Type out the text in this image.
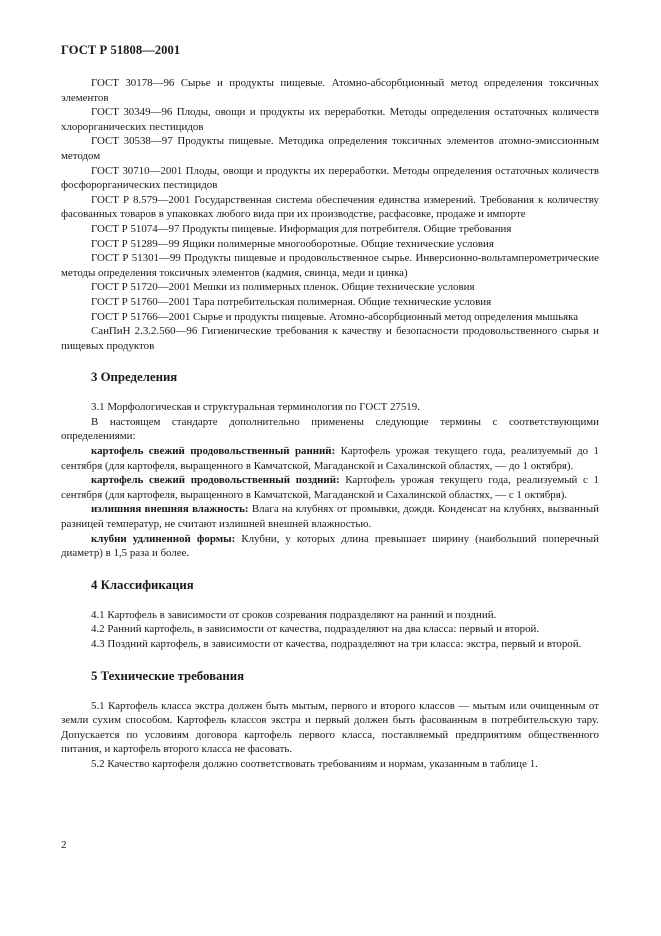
ГОСТ Р 51808—2001

ГОСТ 30178—96 Сырье и продукты пищевые. Атомно-абсорбционный метод определения токсичных элементов

ГОСТ 30349—96 Плоды, овощи и продукты их переработки. Методы определения остаточных количеств хлорорганических пестицидов

ГОСТ 30538—97 Продукты пищевые. Методика определения токсичных элементов атомно-эмиссионным методом

ГОСТ 30710—2001 Плоды, овощи и продукты их переработки. Методы определения остаточных количеств фосфорорганических пестицидов

ГОСТ Р 8.579—2001 Государственная система обеспечения единства измерений. Требования к количеству фасованных товаров в упаковках любого вида при их производстве, расфасовке, продаже и импорте

ГОСТ Р 51074—97 Продукты пищевые. Информация для потребителя. Общие требования

ГОСТ Р 51289—99 Ящики полимерные многооборотные. Общие технические условия

ГОСТ Р 51301—99 Продукты пищевые и продовольственное сырье. Инверсионно-вольтамперометрические методы определения токсичных элементов (кадмия, свинца, меди и цинка)

ГОСТ Р 51720—2001 Мешки из полимерных пленок. Общие технические условия

ГОСТ Р 51760—2001 Тара потребительская полимерная. Общие технические условия

ГОСТ Р 51766—2001 Сырье и продукты пищевые. Атомно-абсорбционный метод определения мышьяка

СанПиН 2.3.2.560—96 Гигиенические требования к качеству и безопасности продовольственного сырья и пищевых продуктов

3 Определения

3.1 Морфологическая и структуральная терминология по ГОСТ 27519.

В настоящем стандарте дополнительно применены следующие термины с соответствующими определениями:

картофель свежий продовольственный ранний: Картофель урожая текущего года, реализуемый до 1 сентября (для картофеля, выращенного в Камчатской, Магаданской и Сахалинской областях, — до 1 октября).

картофель свежий продовольственный поздний: Картофель урожая текущего года, реализуемый с 1 сентября (для картофеля, выращенного в Камчатской, Магаданской и Сахалинской областях, — с 1 октября).

излишняя внешняя влажность: Влага на клубнях от промывки, дождя. Конденсат на клубнях, вызванный разницей температур, не считают излишней внешней влажностью.

клубни удлиненной формы: Клубни, у которых длина превышает ширину (наибольший поперечный диаметр) в 1,5 раза и более.

4 Классификация

4.1 Картофель в зависимости от сроков созревания подразделяют на ранний и поздний.

4.2 Ранний картофель, в зависимости от качества, подразделяют на два класса: первый и второй.

4.3 Поздний картофель, в зависимости от качества, подразделяют на три класса: экстра, первый и второй.

5 Технические требования

5.1 Картофель класса экстра должен быть мытым, первого и второго классов — мытым или очищенным от земли сухим способом. Картофель классов экстра и первый должен быть фасованным в потребительскую тару. Допускается по условиям договора картофель первого класса, поставляемый предприятиям общественного питания, и картофель второго класса не фасовать.

5.2 Качество картофеля должно соответствовать требованиям и нормам, указанным в таблице 1.

2
